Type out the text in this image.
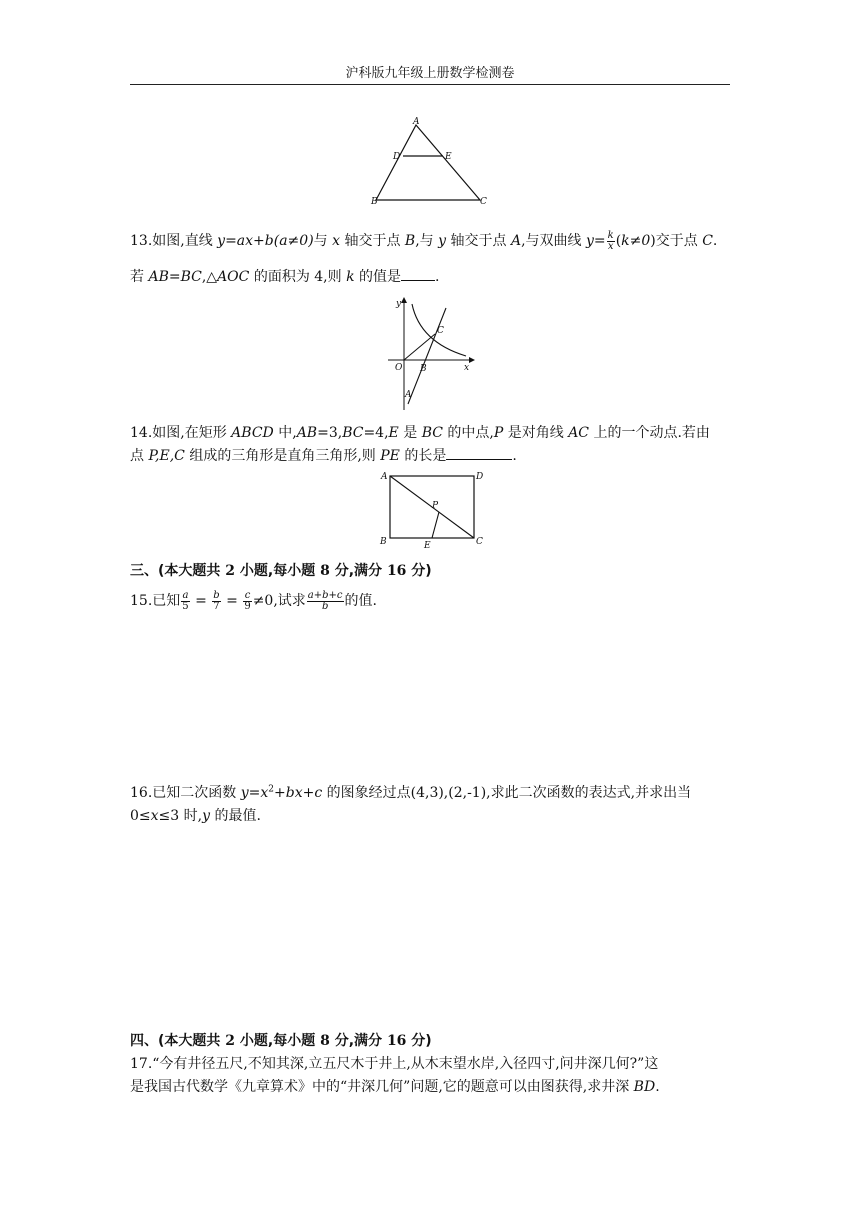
沪科版九年级上册数学检测卷
A
D	E
B	C
13.如图,直线 y=ax+b(a≠0)与 x 轴交于点 B,与 y 轴交于点 A,与双曲线 $y= \frac{k}{x} (k\ne 0)$交于点 C.
若 AB=BC,△AOC 的面积为 4,则 k 的值是 .
y
x
O B
C
A
14.如图,在矩形 ABCD 中,AB=3,BC=4,E 是 BC 的中点,P 是对角线 AC 上的一个动点.若由
点 P,E,C 组成的三角形是直角三角形,则 PE 的长是	.
A	D
P
B	E	C
三、(本大题共 2 小题,每小题 8 分,满分 16 分)
15.已知 $\frac{a}{5} = \frac{b}{7} = \frac{c}{9} \ne 0$,试求 $\frac{a+b+c}{b}$ 的值.
16.已知二次函数 $y=x^2+bx+c$ 的图象经过点(4,3),(2,-1),求此二次函数的表达式,并求出当
0≤x≤3 时,y 的最值.
四、(本大题共 2 小题,每小题 8 分,满分 16 分)
17.“今有井径五尺,不知其深,立五尺木于井上,从木末望水岸,入径四寸,问井深几何?”这
是我国古代数学《九章算术》中的“井深几何”问题,它的题意可以由图获得,求井深 BD.
